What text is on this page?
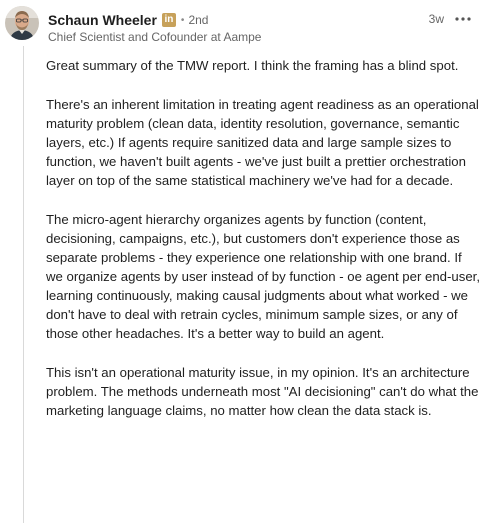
Schaun Wheeler in • 2nd
Chief Scientist and Cofounder at Aampe
3w

Great summary of the TMW report. I think the framing has a blind spot.

There's an inherent limitation in treating agent readiness as an operational maturity problem (clean data, identity resolution, governance, semantic layers, etc.) If agents require sanitized data and large sample sizes to function, we haven't built agents - we've just built a prettier orchestration layer on top of the same statistical machinery we've had for a decade.

The micro-agent hierarchy organizes agents by function (content, decisioning, campaigns, etc.), but customers don't experience those as separate problems - they experience one relationship with one brand. If we organize agents by user instead of by function - oe agent per end-user, learning continuously, making causal judgments about what worked - we don't have to deal with retrain cycles, minimum sample sizes, or any of those other headaches. It's a better way to build an agent.

This isn't an operational maturity issue, in my opinion. It's an architecture problem. The methods underneath most "AI decisioning" can't do what the marketing language claims, no matter how clean the data stack is.
